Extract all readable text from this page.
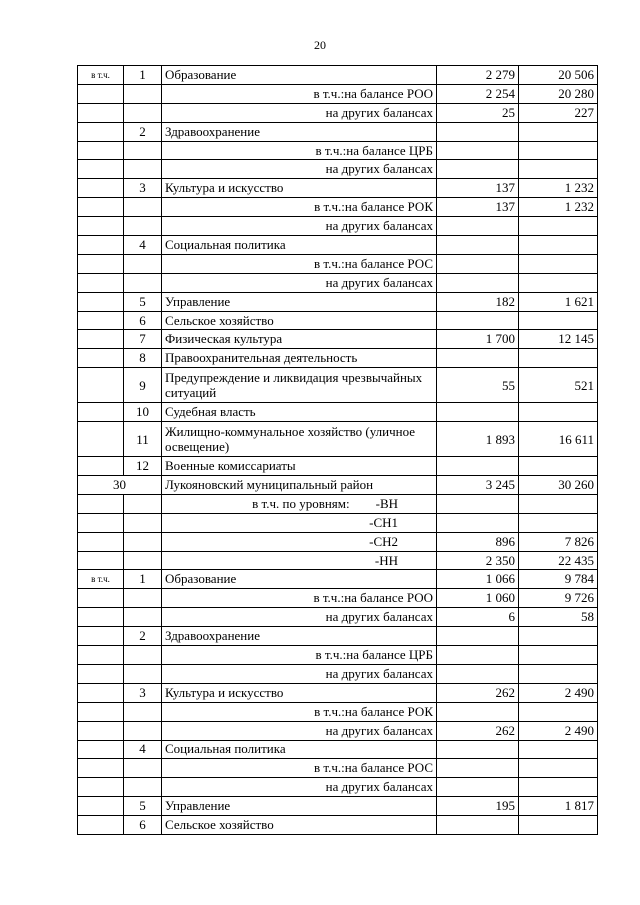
20
в т.ч.	1	Образование	2 279	20 506
		в т.ч.:на балансе РОО	2 254	20 280
		на других балансах	25	227
	2	Здравоохранение		
		в т.ч.:на балансе ЦРБ		
		на других балансах		
	3	Культура и искусство	137	1 232
		в т.ч.:на балансе РОК	137	1 232
		на других балансах		
	4	Социальная политика		
		в т.ч.:на балансе РОС		
		на других балансах		
	5	Управление	182	1 621
	6	Сельское хозяйство		
	7	Физическая культура	1 700	12 145
	8	Правоохранительная деятельность		
	9	Предупреждение и ликвидация чрезвычайных ситуаций	55	521
	10	Судебная власть		
	11	Жилищно-коммунальное хозяйство (уличное освещение)	1 893	16 611
	12	Военные комиссариаты		
30		Лукояновский муниципальный район	3 245	30 260
		в т.ч. по уровням: -ВН		
		-СН1		
		-СН2	896	7 826
		-НН	2 350	22 435
в т.ч.	1	Образование	1 066	9 784
		в т.ч.:на балансе РОО	1 060	9 726
		на других балансах	6	58
	2	Здравоохранение		
		в т.ч.:на балансе ЦРБ		
		на других балансах		
	3	Культура и искусство	262	2 490
		в т.ч.:на балансе РОК		
		на других балансах	262	2 490
	4	Социальная политика		
		в т.ч.:на балансе РОС		
		на других балансах		
	5	Управление	195	1 817
	6	Сельское хозяйство		
